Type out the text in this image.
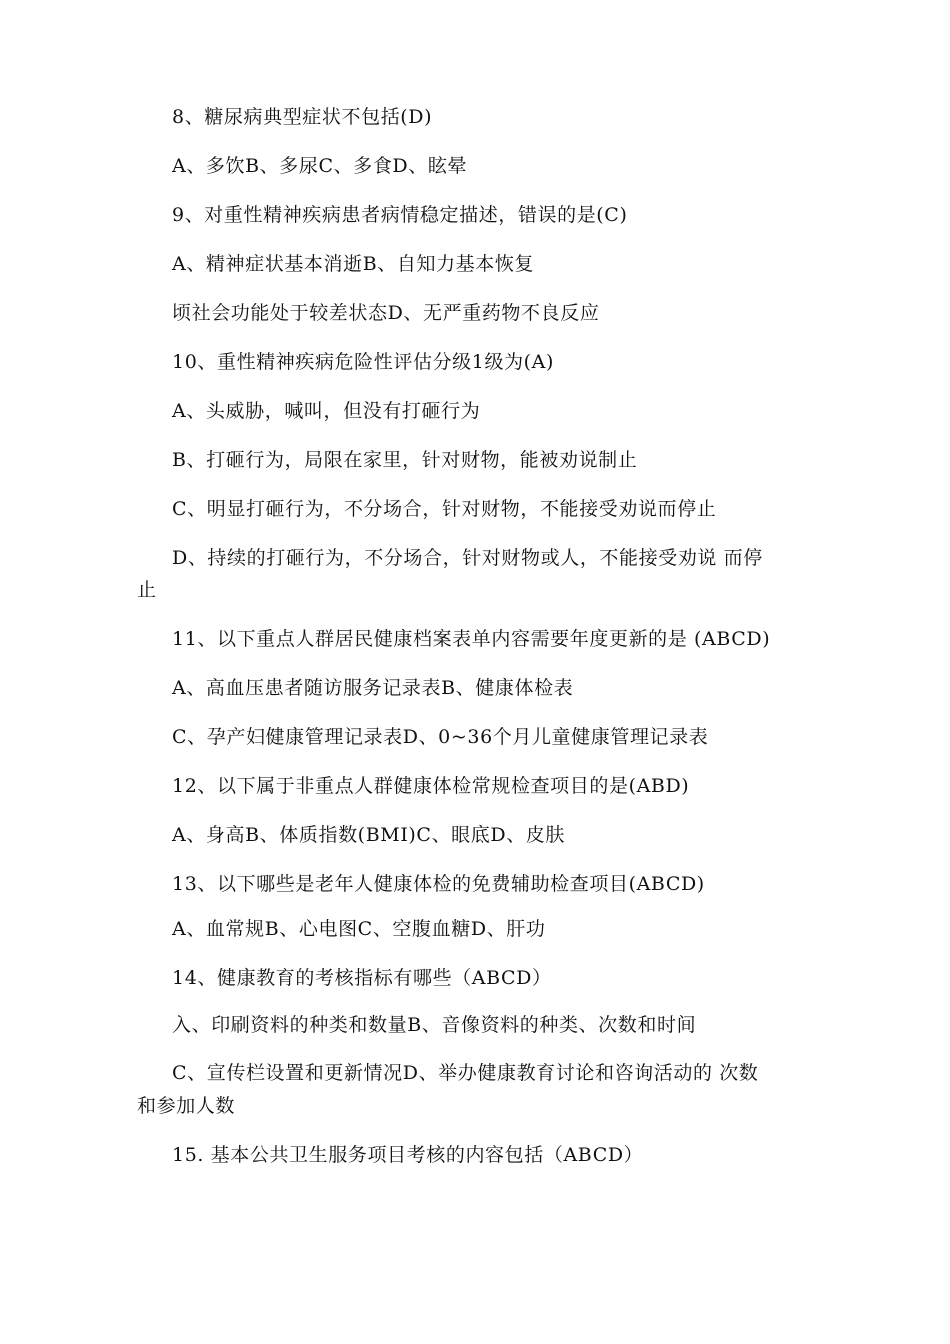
8、糖尿病典型症状不包括(D)
A、多饮B、多尿C、多食D、眩晕
9、对重性精神疾病患者病情稳定描述，错误的是(C)
A、精神症状基本消逝B、自知力基本恢复
顷社会功能处于较差状态D、无严重药物不良反应
10、重性精神疾病危险性评估分级1级为(A)
A、头威胁，喊叫，但没有打砸行为
B、打砸行为，局限在家里，针对财物，能被劝说制止
C、明显打砸行为，不分场合，针对财物，不能接受劝说而停止
D、持续的打砸行为，不分场合，针对财物或人，不能接受劝说 而停
止
11、以下重点人群居民健康档案表单内容需要年度更新的是 (ABCD)
A、高血压患者随访服务记录表B、健康体检表
C、孕产妇健康管理记录表D、0~36个月儿童健康管理记录表
12、以下属于非重点人群健康体检常规检查项目的是(ABD)
A、身高B、体质指数(BMI)C、眼底D、皮肤
13、以下哪些是老年人健康体检的免费辅助检查项目(ABCD)
A、血常规B、心电图C、空腹血糖D、肝功
14、健康教育的考核指标有哪些（ABCD）
入、印刷资料的种类和数量B、音像资料的种类、次数和时间
C、宣传栏设置和更新情况D、举办健康教育讨论和咨询活动的 次数
和参加人数
15. 基本公共卫生服务项目考核的内容包括（ABCD）
